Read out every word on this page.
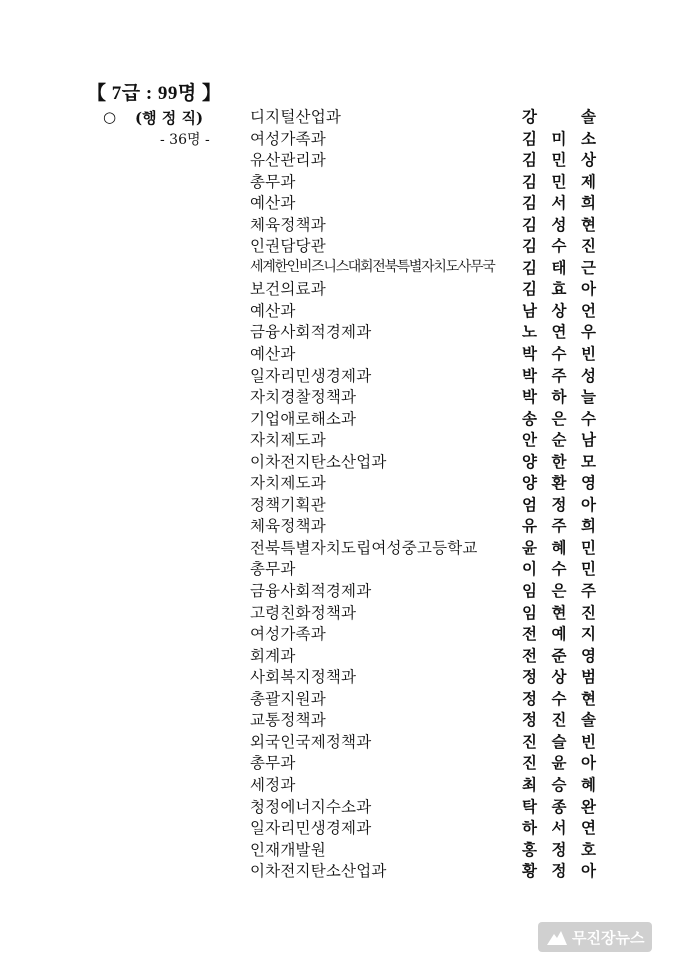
【 7급 : 99명 】
○ (행 정 직)
- 36명 -
디지털산업과	강	솔
여성가족과	김 미 소
유산관리과	김 민 상
총무과	김 민 제
예산과	김 서 희
체육정책과	김 성 현
인권담당관	김 수 진
세계한인비즈니스대회전북특별자치도사무국 김 태 근
보건의료과	김 효 아
예산과	남 상 언
금융사회적경제과	노 연 우
예산과	박 수 빈
일자리민생경제과	박 주 성
자치경찰정책과	박 하 늘
기업애로해소과	송 은 수
자치제도과	안 순 남
이차전지탄소산업과	양 한 모
자치제도과	양 환 영
정책기획관	엄 정 아
체육정책과	유 주 희
전북특별자치도립여성중고등학교	윤 혜 민
총무과	이 수 민
금융사회적경제과	임 은 주
고령친화정책과	임 현 진
여성가족과	전 예 지
회계과	전 준 영
사회복지정책과	정 상 범
총괄지원과	정 수 현
교통정책과	정 진 솔
외국인국제정책과	진 슬 빈
총무과	진 윤 아
세정과	최 승 혜
청정에너지수소과	탁 종 완
일자리민생경제과	하 서 연
인재개발원	홍 정 호
이차전지탄소산업과	황 정 아
무진장뉴스
